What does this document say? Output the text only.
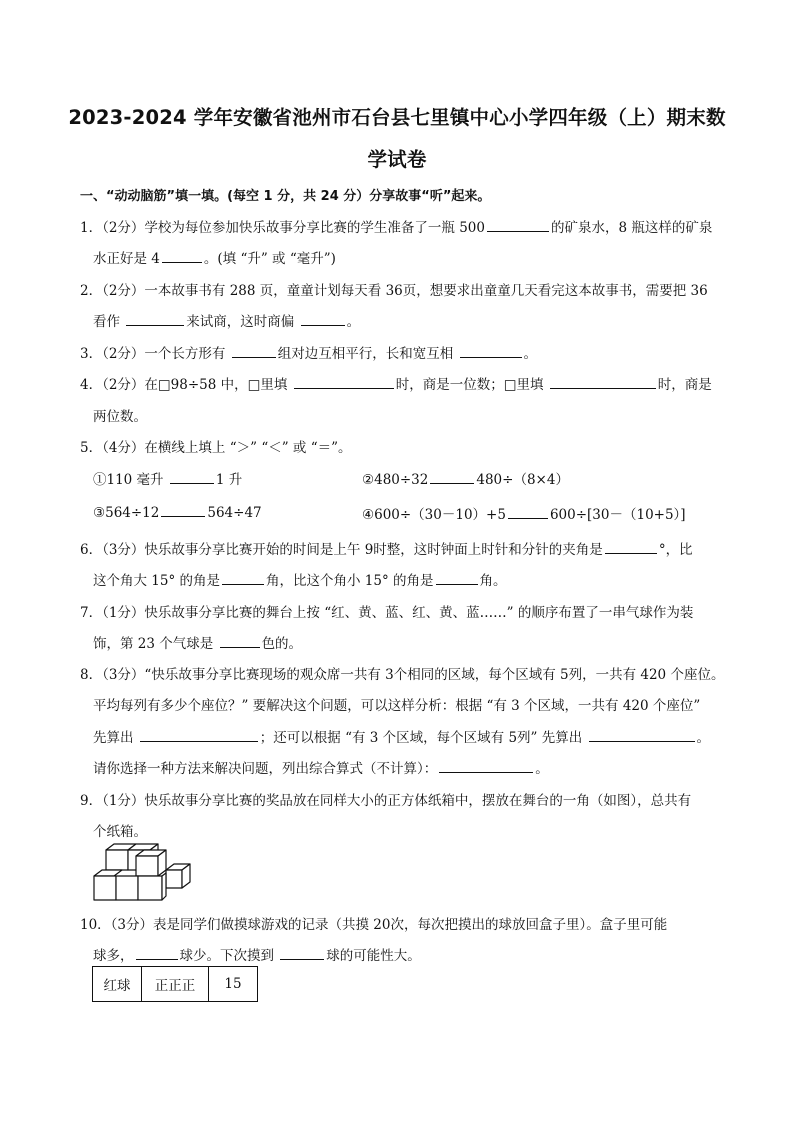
2023-2024 学年安徽省池州市石台县七里镇中心小学四年级（上）期末数
学试卷
一、“动动脑筋”填一填。(每空 1 分，共 24 分）分享故事“听”起来。
1．（2分）学校为每位参加快乐故事分享比赛的学生准备了一瓶 500	的矿泉水，8 瓶这样的矿泉
水正好是 4	。(填 “升” 或 “毫升”)
2．（2分）一本故事书有 288 页，童童计划每天看 36页，想要求出童童几天看完这本故事书，需要把 36
看作	来试商，这时商偏	。
3．（2分）一个长方形有	组对边互相平行，长和宽互相	。
4．（2分）在□98÷58 中，□里填	时，商是一位数；□里填	时，商是
两位数。
5．（4分）在横线上填上 “＞” “＜” 或 “＝”。
①110 毫升	1 升	②480÷32	480÷（8×4）
③564÷12	564÷47	④600÷（30－10）+5	600÷[30－（10+5）]
6．（3分）快乐故事分享比赛开始的时间是上午 9时整，这时钟面上时针和分针的夹角是	°，比
这个角大 15° 的角是	角，比这个角小 15° 的角是	角。
7．（1分）快乐故事分享比赛的舞台上按 “红、黄、蓝、红、黄、蓝……” 的顺序布置了一串气球作为装
饰，第 23 个气球是	色的。
8．（3分）“快乐故事分享比赛现场的观众席一共有 3个相同的区域，每个区域有 5列，一共有 420 个座位。
平均每列有多少个座位？” 要解决这个问题，可以这样分析：根据 “有 3 个区域，一共有 420 个座位”
先算出	；还可以根据 “有 3 个区域，每个区域有 5列” 先算出	。
请你选择一种方法来解决问题，列出综合算式（不计算）：	。
9．（1分）快乐故事分享比赛的奖品放在同样大小的正方体纸箱中，摆放在舞台的一角（如图），总共有
个纸箱。
10．（3分）表是同学们做摸球游戏的记录（共摸 20次，每次把摸出的球放回盒子里）。盒子里可能
球多，	球少。下次摸到	球的可能性大。
红球	正正正	15
